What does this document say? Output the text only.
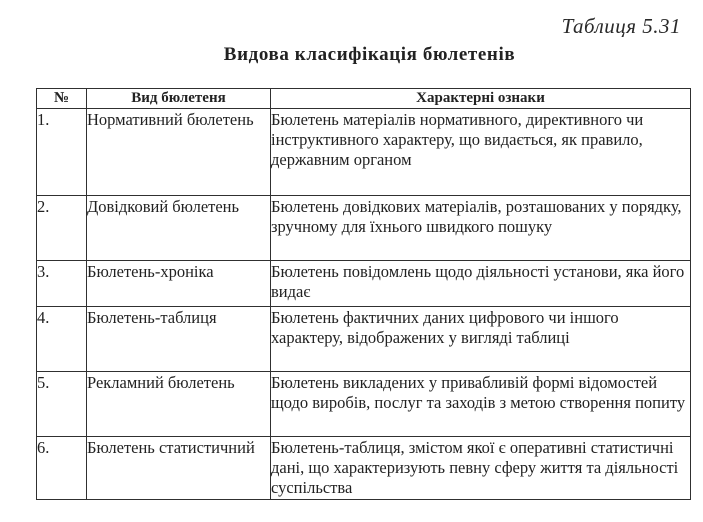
Таблиця 5.31
Видова класифікація бюлетенів
№	Вид бюлетеня	Характерні ознаки
1.	Нормативний бюлетень	Бюлетень матеріалів нормативного, директивного чи інструктивного характеру, що видається, як правило, державним органом
2.	Довідковий бюлетень	Бюлетень довідкових матеріалів, розташованих у порядку, зручному для їхнього швидкого пошуку
3.	Бюлетень-хроніка	Бюлетень повідомлень щодо діяльності установи, яка його видає
4.	Бюлетень-таблиця	Бюлетень фактичних даних цифрового чи іншого характеру, відображених у вигляді таблиці
5.	Рекламний бюлетень	Бюлетень викладених у привабливій формі відомостей щодо виробів, послуг та заходів з метою створення попиту
6.	Бюлетень статистичний	Бюлетень-таблиця, змістом якої є оперативні статистичні дані, що характеризують певну сферу життя та діяльності суспільства
